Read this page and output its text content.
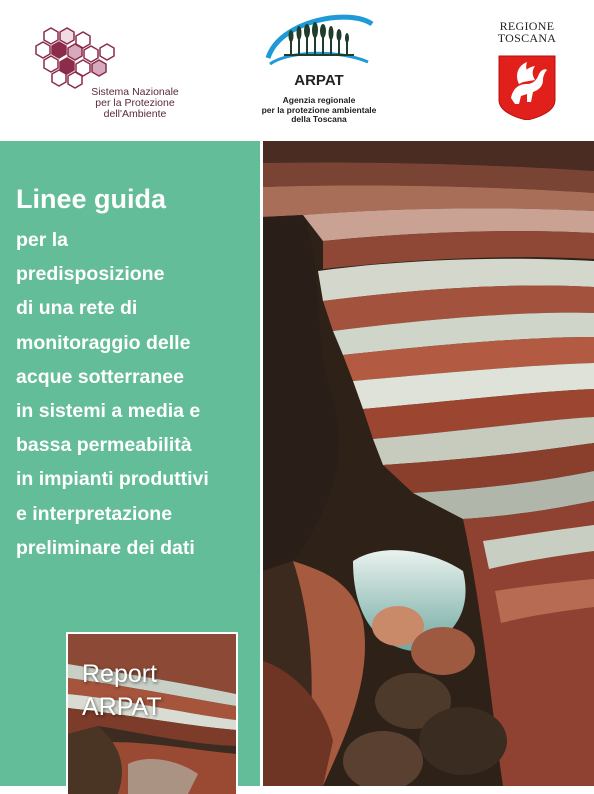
Sistema Nazionale
per la Protezione
dell'Ambiente
ARPAT
Agenzia regionale
per la protezione ambientale
della Toscana
REGIONE
TOSCANA
Linee guida
per la
predisposizione
di una rete di
monitoraggio delle
acque sotterranee
in sistemi a media e
bassa permeabilità
in impianti produttivi
e interpretazione
preliminare dei dati
Report
ARPAT
